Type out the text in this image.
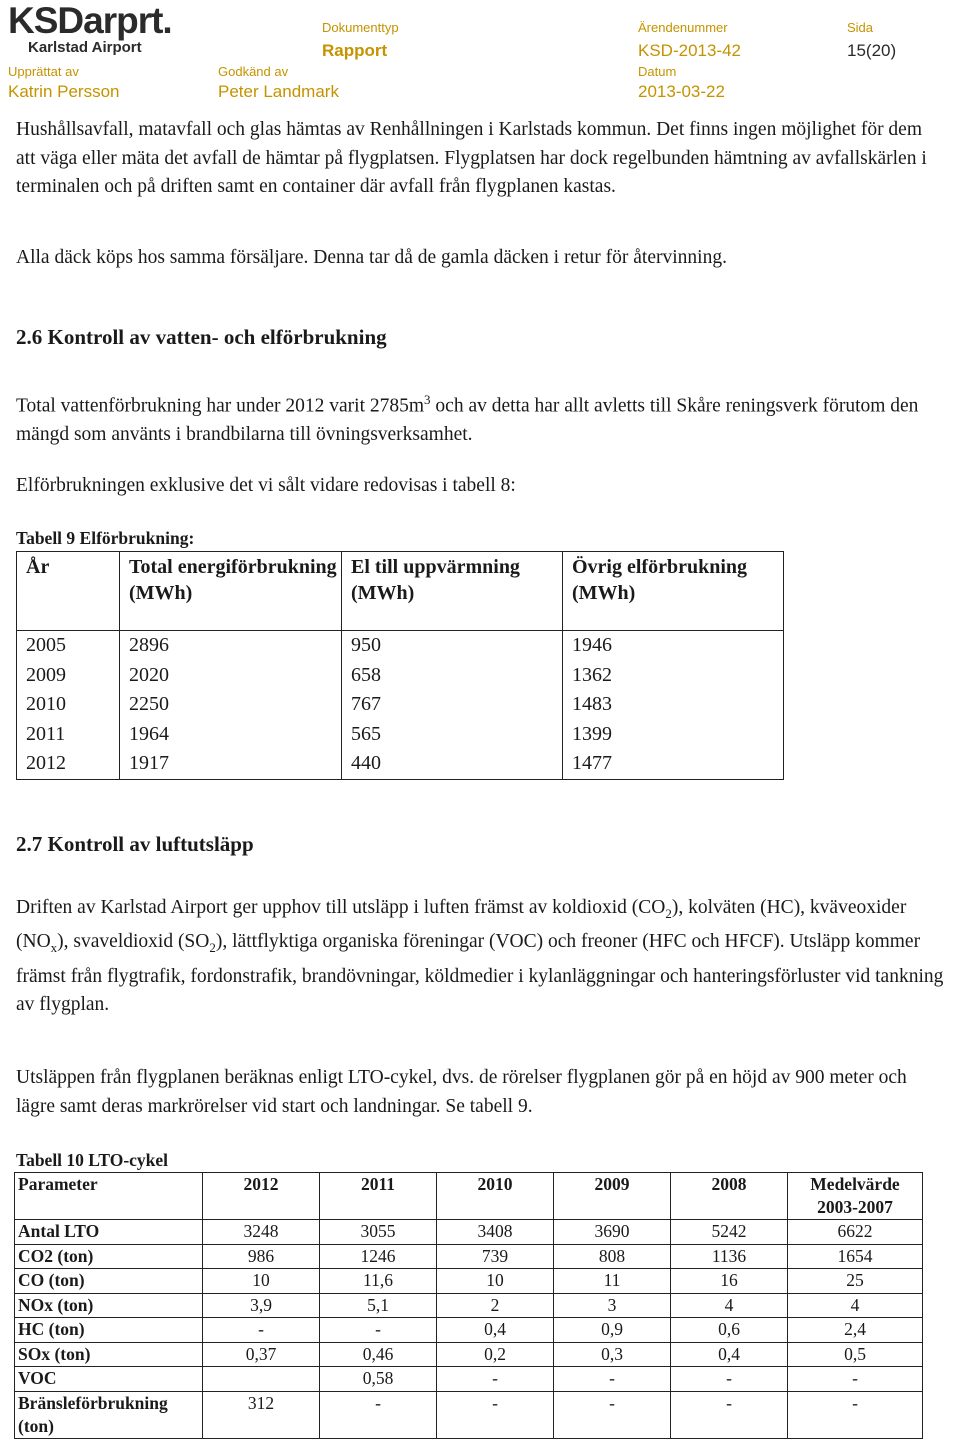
KSDarprt.
Karlstad Airport
Dokumenttyp
Rapport
Ärendenummer
KSD-2013-42
Sida
15(20)
Upprättat av
Katrin Persson
Godkänd av
Peter Landmark
Datum
2013-03-22

Hushållsavfall, matavfall och glas hämtas av Renhållningen i Karlstads kommun. Det finns ingen möjlighet för dem att väga eller mäta det avfall de hämtar på flygplatsen. Flygplatsen har dock regelbunden hämtning av avfallskärlen i terminalen och på driften samt en container där avfall från flygplanen kastas.

Alla däck köps hos samma försäljare. Denna tar då de gamla däcken i retur för återvinning.

2.6 Kontroll av vatten- och elförbrukning

Total vattenförbrukning har under 2012 varit $2785m^3$ och av detta har allt avletts till Skåre reningsverk förutom den mängd som använts i brandbilarna till övningsverksamhet.

Elförbrukningen exklusive det vi sålt vidare redovisas i tabell 8:

Tabell 9 Elförbrukning:

År	Total energiförbrukning (MWh)	El till uppvärmning (MWh)	Övrig elförbrukning (MWh)
2005	2896	950	1946
2009	2020	658	1362
2010	2250	767	1483
2011	1964	565	1399
2012	1917	440	1477
2.7 Kontroll av luftutsläpp

Driften av Karlstad Airport ger upphov till utsläpp i luften främst av koldioxid $(CO_2)$, kolväten (HC), kväveoxider $(NO_x)$, svaveldioxid $(SO_2)$, lättflyktiga organiska föreningar (VOC) och freoner (HFC och HFCF). Utsläpp kommer främst från flygtrafik, fordonstrafik, brandövningar, köldmedier i kylanläggningar och hanteringsförluster vid tankning av flygplan.

Utsläppen från flygplanen beräknas enligt LTO-cykel, dvs. de rörelser flygplanen gör på en höjd av 900 meter och lägre samt deras markrörelser vid start och landningar. Se tabell 9.

Tabell 10 LTO-cykel

Parameter	2012	2011	2010	2009	2008	Medelvärde 2003-2007
Antal LTO	3248	3055	3408	3690	5242	6622
CO2 (ton)	986	1246	739	808	1136	1654
CO (ton)	10	11,6	10	11	16	25
NOx (ton)	3,9	5,1	2	3	4	4
HC (ton)	-	-	0,4	0,9	0,6	2,4
SOx (ton)	0,37	0,46	0,2	0,3	0,4	0,5
VOC		0,58	-	-	-	-
Bränsleförbrukning (ton)	312	-	-	-	-	-
